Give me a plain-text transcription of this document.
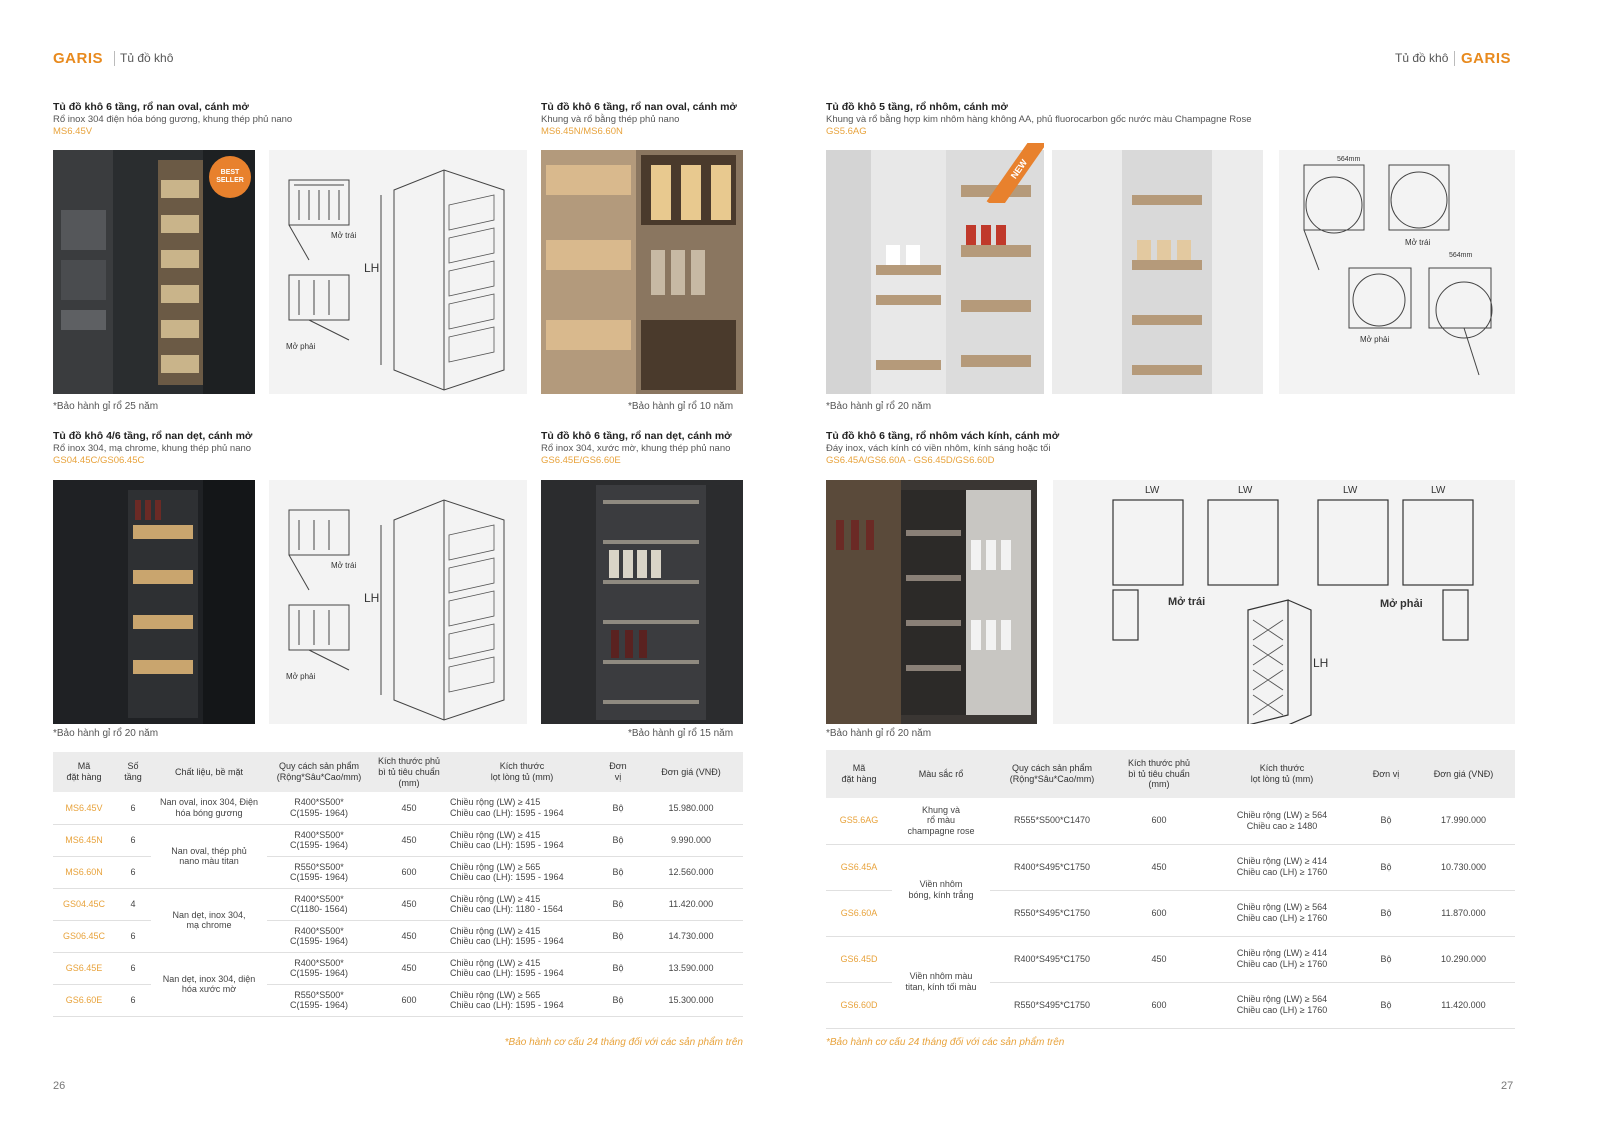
GARIS Tủ đồ khô
Tủ đồ khô 6 tầng, rổ nan oval, cánh mở
Rổ inox 304 điện hóa bóng gương, khung thép phủ nano
MS6.45V
BEST SELLER
Mở trái
Mở phải
LH
Tủ đồ khô 6 tầng, rổ nan oval, cánh mở
Khung và rổ bằng thép phủ nano
MS6.45N/MS6.60N
Tủ đồ khô 4/6 tầng, rổ nan dẹt, cánh mở
Rổ inox 304, mạ chrome, khung thép phủ nano
GS04.45C/GS06.45C
Mở trái
Mở phải
LH
Tủ đồ khô 6 tầng, rổ nan dẹt, cánh mở
Rổ inox 304, xước mờ, khung thép phủ nano
GS6.45E/GS6.60E
*Bảo hành gỉ rổ 25 năm	*Bảo hành gỉ rổ 10 năm
*Bảo hành gỉ rổ 20 năm	*Bảo hành gỉ rổ 15 năm
Mã
đặt hàng	Số
tầng	Chất liệu, bề mặt	Quy cách sản phẩm
(Rộng*Sâu*Cao/mm)	Kích thước phủ
bì tủ tiêu chuẩn
(mm)	Kích thước
lọt lòng tủ (mm)	Đơn
vị	Đơn giá (VNĐ)
MS6.45V	6	Nan oval, inox 304, Điện
hóa bóng gương	R400*S500*
C(1595- 1964)	450	Chiều rộng (LW) ≥ 415
Chiều cao (LH): 1595 - 1964	Bộ	15.980.000
MS6.45N	6	Nan oval, thép phủ
nano màu titan	R400*S500*
C(1595- 1964)	450	Chiều rộng (LW) ≥ 415
Chiều cao (LH): 1595 - 1964	Bộ	9.990.000
MS6.60N	6		R550*S500*
C(1595- 1964)	600	Chiều rộng (LW) ≥ 565
Chiều cao (LH): 1595 - 1964	Bộ	12.560.000
GS04.45C	4	Nan dẹt, inox 304,
mạ chrome	R400*S500*
C(1180- 1564)	450	Chiều rộng (LW) ≥ 415
Chiều cao (LH): 1180 - 1564	Bộ	11.420.000
GS06.45C	6		R400*S500*
C(1595- 1964)	450	Chiều rộng (LW) ≥ 415
Chiều cao (LH): 1595 - 1964	Bộ	14.730.000
GS6.45E	6	Nan dẹt, inox 304, diện
hóa xước mờ	R400*S500*
C(1595- 1964)	450	Chiều rộng (LW) ≥ 415
Chiều cao (LH): 1595 - 1964	Bộ	13.590.000
GS6.60E	6		R550*S500*
C(1595- 1964)	600	Chiều rộng (LW) ≥ 565
Chiều cao (LH): 1595 - 1964	Bộ	15.300.000
*Bảo hành cơ cấu 24 tháng đối với các sản phẩm trên
26
Tủ đồ khô GARIS
Tủ đồ khô 5 tầng, rổ nhôm, cánh mở
Khung và rổ bằng hợp kim nhôm hàng không AA, phủ fluorocarbon gốc nước màu Champagne Rose
GS5.6AG
NEW	564mm
564mm
Mở trái
Mở phải
Tủ đồ khô 6 tầng, rổ nhôm vách kính, cánh mở
Đáy inox, vách kính có viền nhôm, kính sáng hoặc tối
GS6.45A/GS6.60A - GS6.45D/GS6.60D
LW	LW	LW	LW
Mở trái	Mở phải
LH
*Bảo hành gỉ rổ 20 năm
*Bảo hành gỉ rổ 20 năm
Mã
đặt hàng	Màu sắc rổ	Quy cách sản phẩm
(Rộng*Sâu*Cao/mm)	Kích thước phủ
bì tủ tiêu chuẩn
(mm)	Kích thước
lọt lòng tủ (mm)	Đơn vị	Đơn giá (VNĐ)
GS5.6AG	Khung và
rổ màu
champagne rose	R555*S500*C1470	600	Chiều rộng (LW) ≥ 564
Chiều cao ≥ 1480	Bộ	17.990.000
GS6.45A	Viền nhôm
bóng, kính trắng	R400*S495*C1750	450	Chiều rộng (LW) ≥ 414
Chiều cao (LH) ≥ 1760	Bộ	10.730.000
GS6.60A		R550*S495*C1750	600	Chiều rộng (LW) ≥ 564
Chiều cao (LH) ≥ 1760	Bộ	11.870.000
GS6.45D	Viền nhôm màu
titan, kính tối màu	R400*S495*C1750	450	Chiều rộng (LW) ≥ 414
Chiều cao (LH) ≥ 1760	Bộ	10.290.000
GS6.60D		R550*S495*C1750	600	Chiều rộng (LW) ≥ 564
Chiều cao (LH) ≥ 1760	Bộ	11.420.000
*Bảo hành cơ cấu 24 tháng đối với các sản phẩm trên
27
